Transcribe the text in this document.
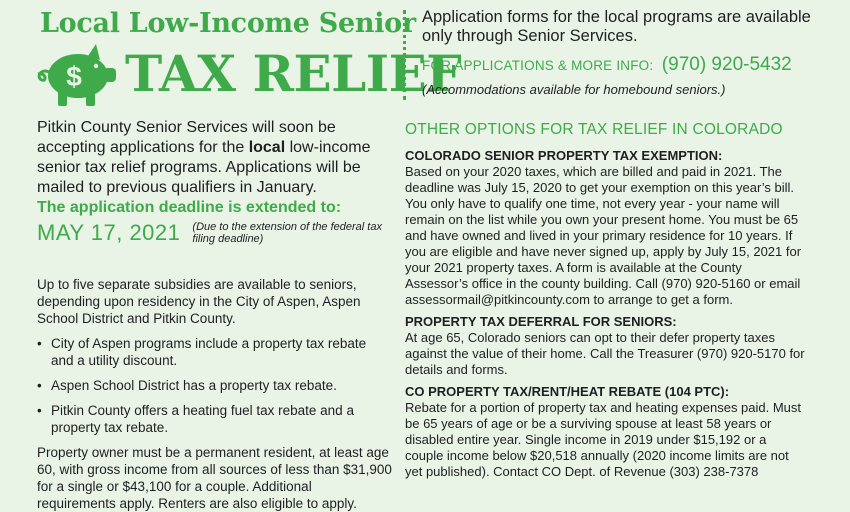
Local Low-Income Senior
$ TAX RELIEF
Application forms for the local programs are available only through Senior Services.
FOR APPLICATIONS & MORE INFO: (970) 920-5432
(Accommodations available for homebound seniors.)
Pitkin County Senior Services will soon be accepting applications for the local low-income senior tax relief programs. Applications will be mailed to previous qualifiers in January.
The application deadline is extended to:
MAY 17, 2021 (Due to the extension of the federal tax filing deadline)
Up to five separate subsidies are available to seniors, depending upon residency in the City of Aspen, Aspen School District and Pitkin County.
• City of Aspen programs include a property tax rebate and a utility discount.
• Aspen School District has a property tax rebate.
• Pitkin County offers a heating fuel tax rebate and a property tax rebate.
Property owner must be a permanent resident, at least age 60, with gross income from all sources of less than $31,900 for a single or $43,100 for a couple. Additional requirements apply. Renters are also eligible to apply.
OTHER OPTIONS FOR TAX RELIEF IN COLORADO
COLORADO SENIOR PROPERTY TAX EXEMPTION:
Based on your 2020 taxes, which are billed and paid in 2021. The deadline was July 15, 2020 to get your exemption on this year’s bill. You only have to qualify one time, not every year - your name will remain on the list while you own your present home. You must be 65 and have owned and lived in your primary residence for 10 years. If you are eligible and have never signed up, apply by July 15, 2021 for your 2021 property taxes. A form is available at the County Assessor’s office in the county building. Call (970) 920-5160 or email assessormail@pitkincounty.com to arrange to get a form.
PROPERTY TAX DEFERRAL FOR SENIORS:
At age 65, Colorado seniors can opt to their defer property taxes against the value of their home. Call the Treasurer (970) 920-5170 for details and forms.
CO PROPERTY TAX/RENT/HEAT REBATE (104 PTC):
Rebate for a portion of property tax and heating expenses paid. Must be 65 years of age or be a surviving spouse at least 58 years or disabled entire year. Single income in 2019 under $15,192 or a couple income below $20,518 annually (2020 income limits are not yet published). Contact CO Dept. of Revenue (303) 238-7378
